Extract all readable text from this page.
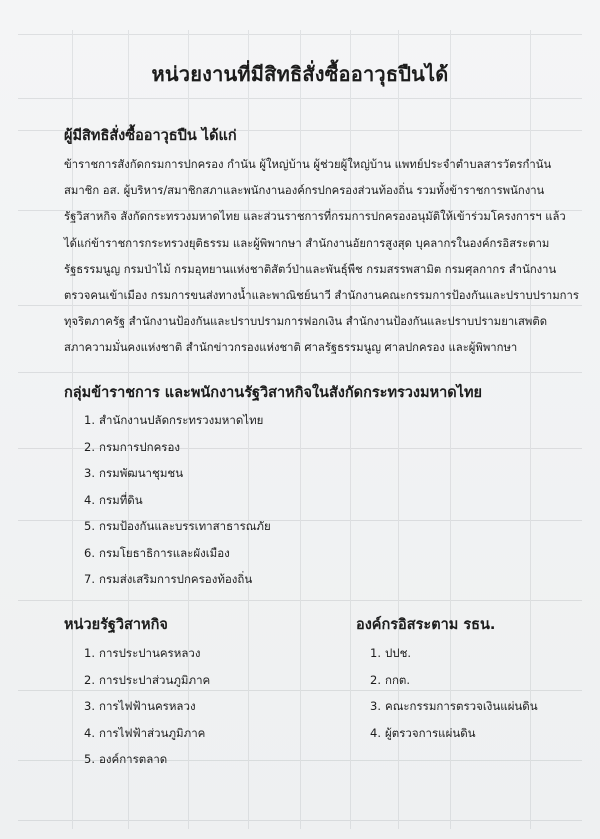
หน่วยงานที่มีสิทธิสั่งซื้ออาวุธปืนได้
ผู้มีสิทธิสั่งซื้ออาวุธปืน ได้แก่
ข้าราชการสังกัดกรมการปกครอง กำนัน ผู้ใหญ่บ้าน ผู้ช่วยผู้ใหญ่บ้าน แพทย์ประจำตำบลสารวัตรกำนัน
สมาชิก อส. ผู้บริหาร/สมาชิกสภาและพนักงานองค์กรปกครองส่วนท้องถิ่น รวมทั้งข้าราชการพนักงาน
รัฐวิสาหกิจ สังกัดกระทรวงมหาดไทย และส่วนราชการที่กรมการปกครองอนุมัติให้เข้าร่วมโครงการฯ แล้ว
ได้แก่ข้าราชการกระทรวงยุติธรรม และผู้พิพากษา สำนักงานอัยการสูงสุด บุคลากรในองค์กรอิสระตาม
รัฐธรรมนูญ กรมป่าไม้ กรมอุทยานแห่งชาติสัตว์ป่าและพันธุ์พืช กรมสรรพสามิต กรมศุลกากร สำนักงาน
ตรวจคนเข้าเมือง กรมการขนส่งทางน้ำและพาณิชย์นาวี สำนักงานคณะกรรมการป้องกันและปราบปรามการ
ทุจริตภาครัฐ สำนักงานป้องกันและปราบปรามการฟอกเงิน สำนักงานป้องกันและปราบปรามยาเสพติด
สภาความมั่นคงแห่งชาติ สำนักข่าวกรองแห่งชาติ ศาลรัฐธรรมนูญ ศาลปกครอง และผู้พิพากษา
กลุ่มข้าราชการ และพนักงานรัฐวิสาหกิจในสังกัดกระทรวงมหาดไทย
1. สำนักงานปลัดกระทรวงมหาดไทย
2. กรมการปกครอง
3. กรมพัฒนาชุมชน
4. กรมที่ดิน
5. กรมป้องกันและบรรเทาสาธารณภัย
6. กรมโยธาธิการและผังเมือง
7. กรมส่งเสริมการปกครองท้องถิ่น
หน่วยรัฐวิสาหกิจ
1. การประปานครหลวง
2. การประปาส่วนภูมิภาค
3. การไฟฟ้านครหลวง
4. การไฟฟ้าส่วนภูมิภาค
5. องค์การตลาด
องค์กรอิสระตาม รธน.
1. ปปช.
2. กกต.
3. คณะกรรมการตรวจเงินแผ่นดิน
4. ผู้ตรวจการแผ่นดิน
